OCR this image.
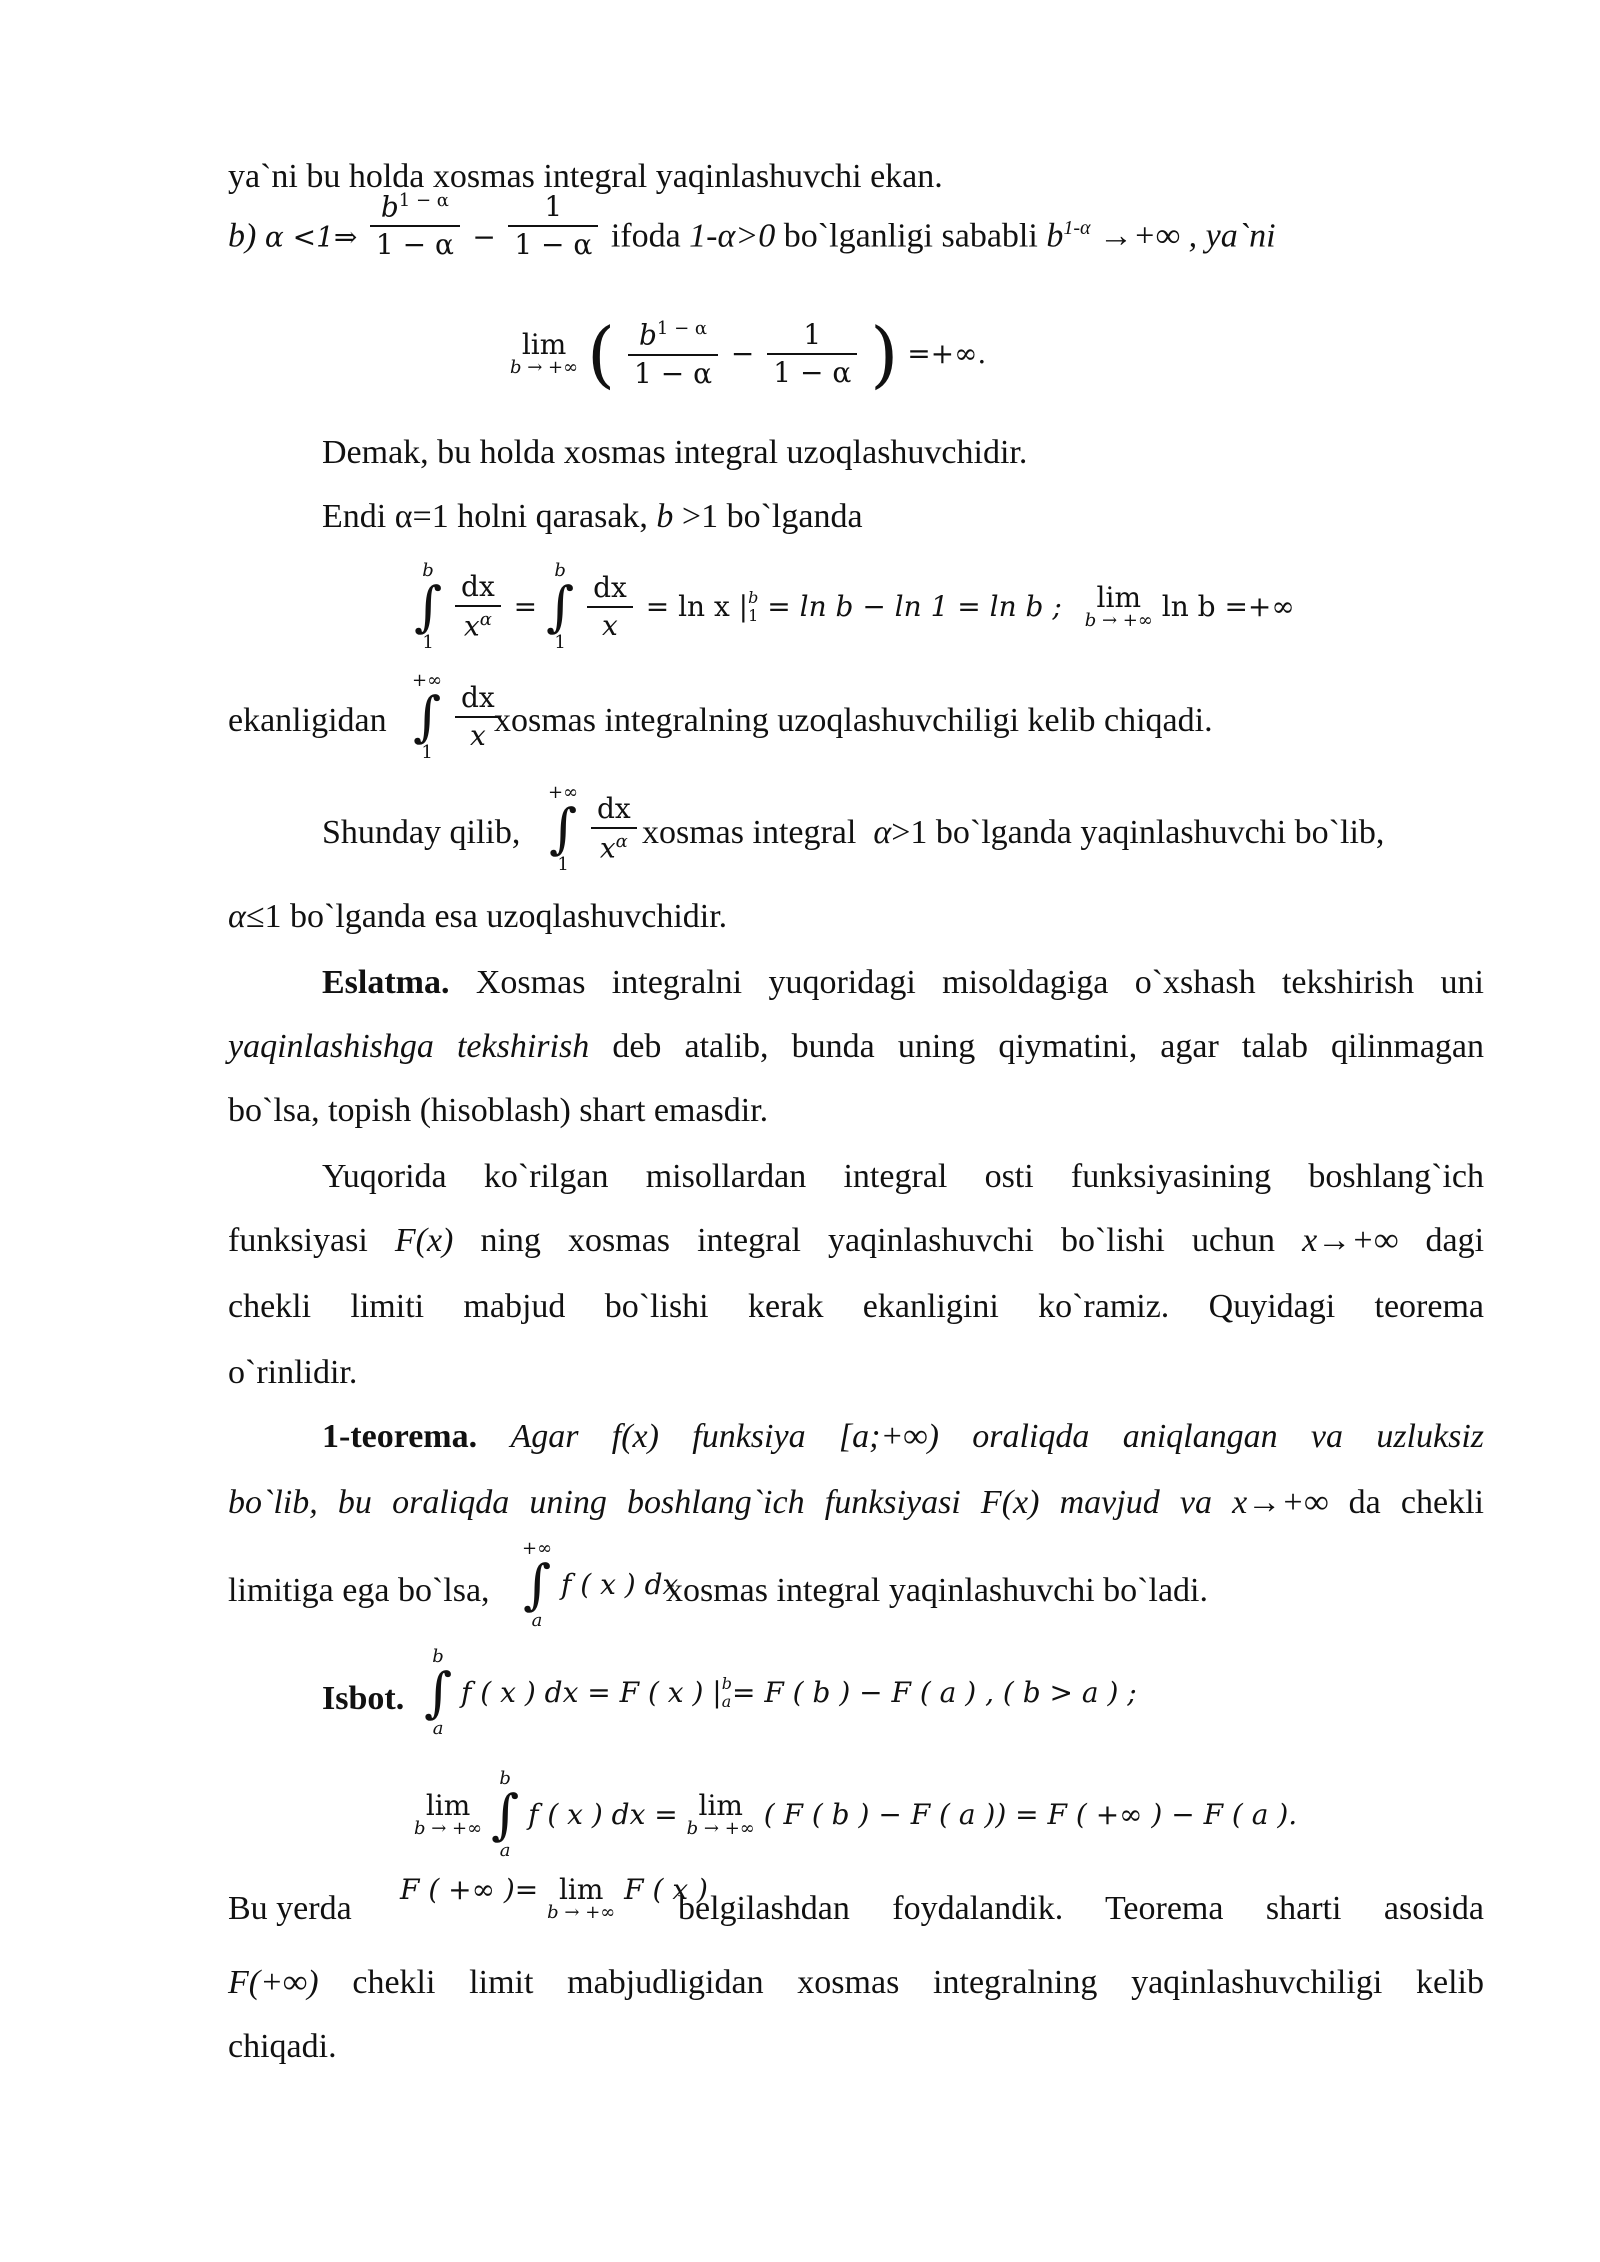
ya`ni bu holda xosmas integral yaqinlashuvchi ekan.
b) α <1⇒ $\frac{b^{1 - \alpha}}{1 - \alpha} - \frac{1}{1 - \alpha}$ ifoda 1-α>0 bo`lganligi sababli $b^{1-\alpha}$ →+∞ , ya`ni
lim
b → +∞ ( $\frac{b^{1 - \alpha}}{1 - \alpha} - \frac{1}{1 - \alpha}$ ) =+∞.
Demak, bu holda xosmas integral uzoqlashuvchidir.
Endi α=1 holni qarasak, b >1 bo`lganda
b
∫
1

$\frac{dx}{x^\alpha}$ =
b
∫
1

$\frac{dx}{x} = \ln x$ | b
1 = ln b − ln 1 = ln b ;	lim
b → +∞ ln b =+∞
ekanligidan
+∞
∫
1

$\frac{dx}{x}$
xosmas integralning uzoqlashuvchiligi kelib chiqadi.
Shunday qilib,
+∞
∫
1

$\frac{dx}{x^\alpha}$ xosmas integral α>1 bo`lganda yaqinlashuvchi bo`lib,
α≤1 bo`lganda esa uzoqlashuvchidir.
Eslatma. Xosmas integralni yuqoridagi misoldagiga o`xshash tekshirish uni
yaqinlashishga tekshirish deb atalib, bunda uning qiymatini, agar talab qilinmagan
bo`lsa, topish (hisoblash) shart emasdir.
Yuqorida ko`rilgan misollardan integral osti funksiyasining boshlang`ich
funksiyasi F(x) ning xosmas integral yaqinlashuvchi bo`lishi uchun x→+∞ dagi
chekli limiti mabjud bo`lishi kerak ekanligini ko`ramiz. Quyidagi teorema
o`rinlidir.
1-teorema. Agar f(x) funksiya [a;+∞) oraliqda aniqlangan va uzluksiz
bo`lib, bu oraliqda uning boshlang`ich funksiyasi F(x) mavjud va x→+∞ da chekli
limitiga ega bo`lsa,
+∞
∫
a
f ( x ) dx
xosmas integral yaqinlashuvchi bo`ladi.
Isbot.
b
∫
a
f ( x ) dx = F ( x ) | b
a = F ( b ) − F ( a ) , ( b > a ) ;
lim
b → +∞

b
∫
a
f ( x ) dx = lim
b → +∞ ( F ( b ) − F ( a )) = F ( +∞ ) − F ( a ).
Bu yerda
F ( +∞ )= lim
b → +∞
F ( x )
belgilashdan foydalandik. Teorema sharti asosida
F(+∞) chekli limit mabjudligidan xosmas integralning yaqinlashuvchiligi kelib
chiqadi.
